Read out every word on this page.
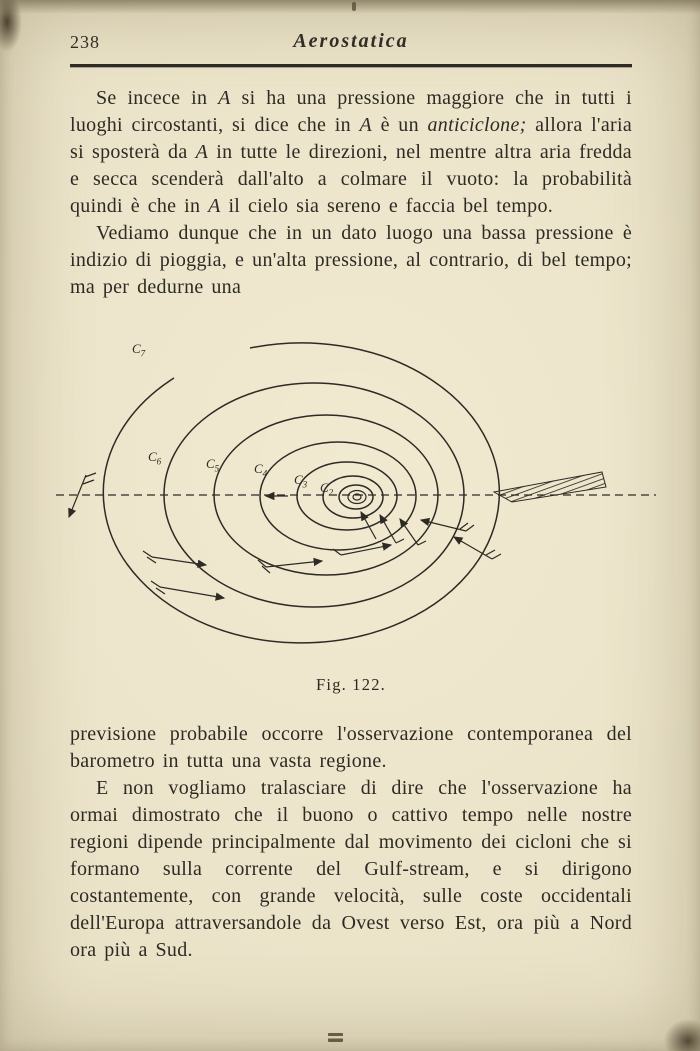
238	Aerostatica

Se incece in A si ha una pressione maggiore che in tutti i luoghi circostanti, si dice che in A è un anticiclone; allora l'aria si sposterà da A in tutte le direzioni, nel mentre altra aria fredda e secca scenderà dall'alto a colmare il vuoto: la probabilità quindi è che in A il cielo sia sereno e faccia bel tempo.

Vediamo dunque che in un dato luogo una bassa pressione è indizio di pioggia, e un'alta pressione, al contrario, di bel tempo; ma per dedurne una

$C_7$
$C_6$	$C_5$	$C_4$ $C_3$ $C_2$
Fig. 122.

previsione probabile occorre l'osservazione contemporanea del barometro in tutta una vasta regione.

E non vogliamo tralasciare di dire che l'osservazione ha ormai dimostrato che il buono o cattivo tempo nelle nostre regioni dipende principalmente dal movimento dei cicloni che si formano sulla corrente del Gulf-stream, e si dirigono costantemente, con grande velocità, sulle coste occidentali dell'Europa attraversandole da Ovest verso Est, ora più a Nord ora più a Sud.
